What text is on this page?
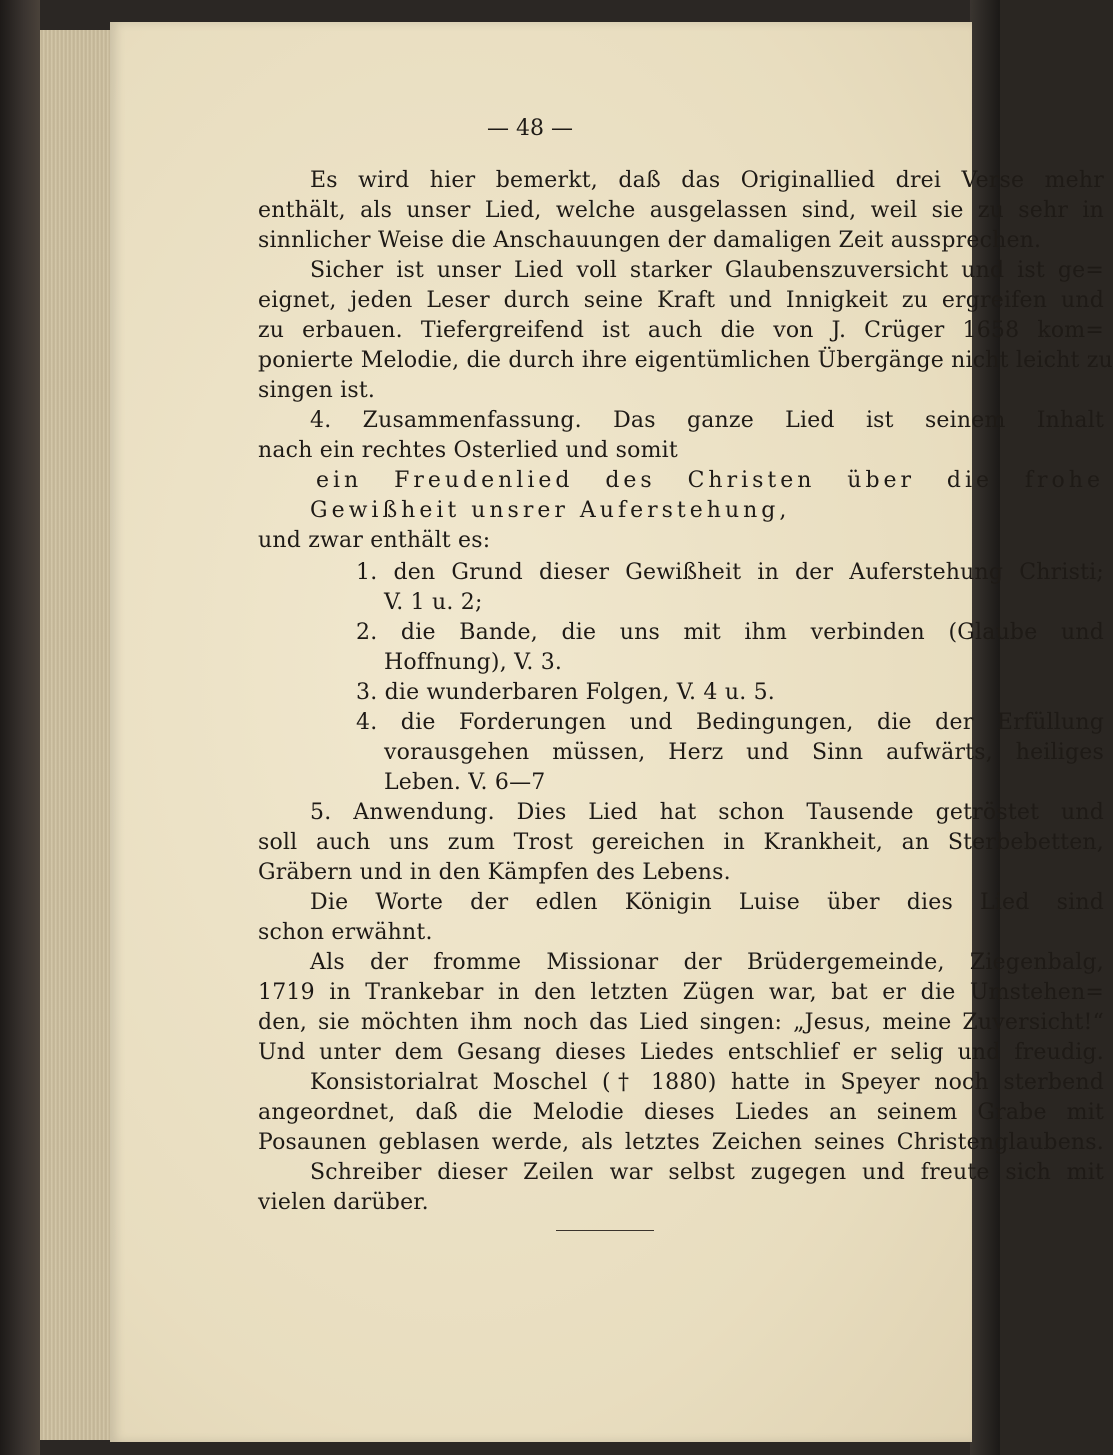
— 48 —
Es wird hier bemerkt, daß das Originallied drei Verse mehr
enthält, als unser Lied, welche ausgelassen sind, weil sie zu sehr in
sinnlicher Weise die Anschauungen der damaligen Zeit aussprechen.
Sicher ist unser Lied voll starker Glaubenszuversicht und ist ge=
eignet, jeden Leser durch seine Kraft und Innigkeit zu ergreifen und
zu erbauen. Tiefergreifend ist auch die von J. Crüger 1658 kom=
ponierte Melodie, die durch ihre eigentümlichen Übergänge nicht leicht zu
singen ist.
4. Zusammenfassung. Das ganze Lied ist seinem Inhalt
nach ein rechtes Osterlied und somit
ein Freudenlied des Christen über die frohe
Gewißheit unsrer Auferstehung,
und zwar enthält es:
1. den Grund dieser Gewißheit in der Auferstehung Christi;
V. 1 u. 2;
2. die Bande, die uns mit ihm verbinden (Glaube und
Hoffnung), V. 3.
3. die wunderbaren Folgen, V. 4 u. 5.
4. die Forderungen und Bedingungen, die der Erfüllung
vorausgehen müssen, Herz und Sinn aufwärts, heiliges
Leben. V. 6—7
5. Anwendung. Dies Lied hat schon Tausende getröstet und
soll auch uns zum Trost gereichen in Krankheit, an Sterbebetten,
Gräbern und in den Kämpfen des Lebens.
Die Worte der edlen Königin Luise über dies Lied sind
schon erwähnt.
Als der fromme Missionar der Brüdergemeinde, Ziegenbalg,
1719 in Trankebar in den letzten Zügen war, bat er die Umstehen=
den, sie möchten ihm noch das Lied singen: „Jesus, meine Zuversicht!“
Und unter dem Gesang dieses Liedes entschlief er selig und freudig.
Konsistorialrat Moschel († 1880) hatte in Speyer noch sterbend
angeordnet, daß die Melodie dieses Liedes an seinem Grabe mit
Posaunen geblasen werde, als letztes Zeichen seines Christenglaubens.
Schreiber dieser Zeilen war selbst zugegen und freute sich mit
vielen darüber.
